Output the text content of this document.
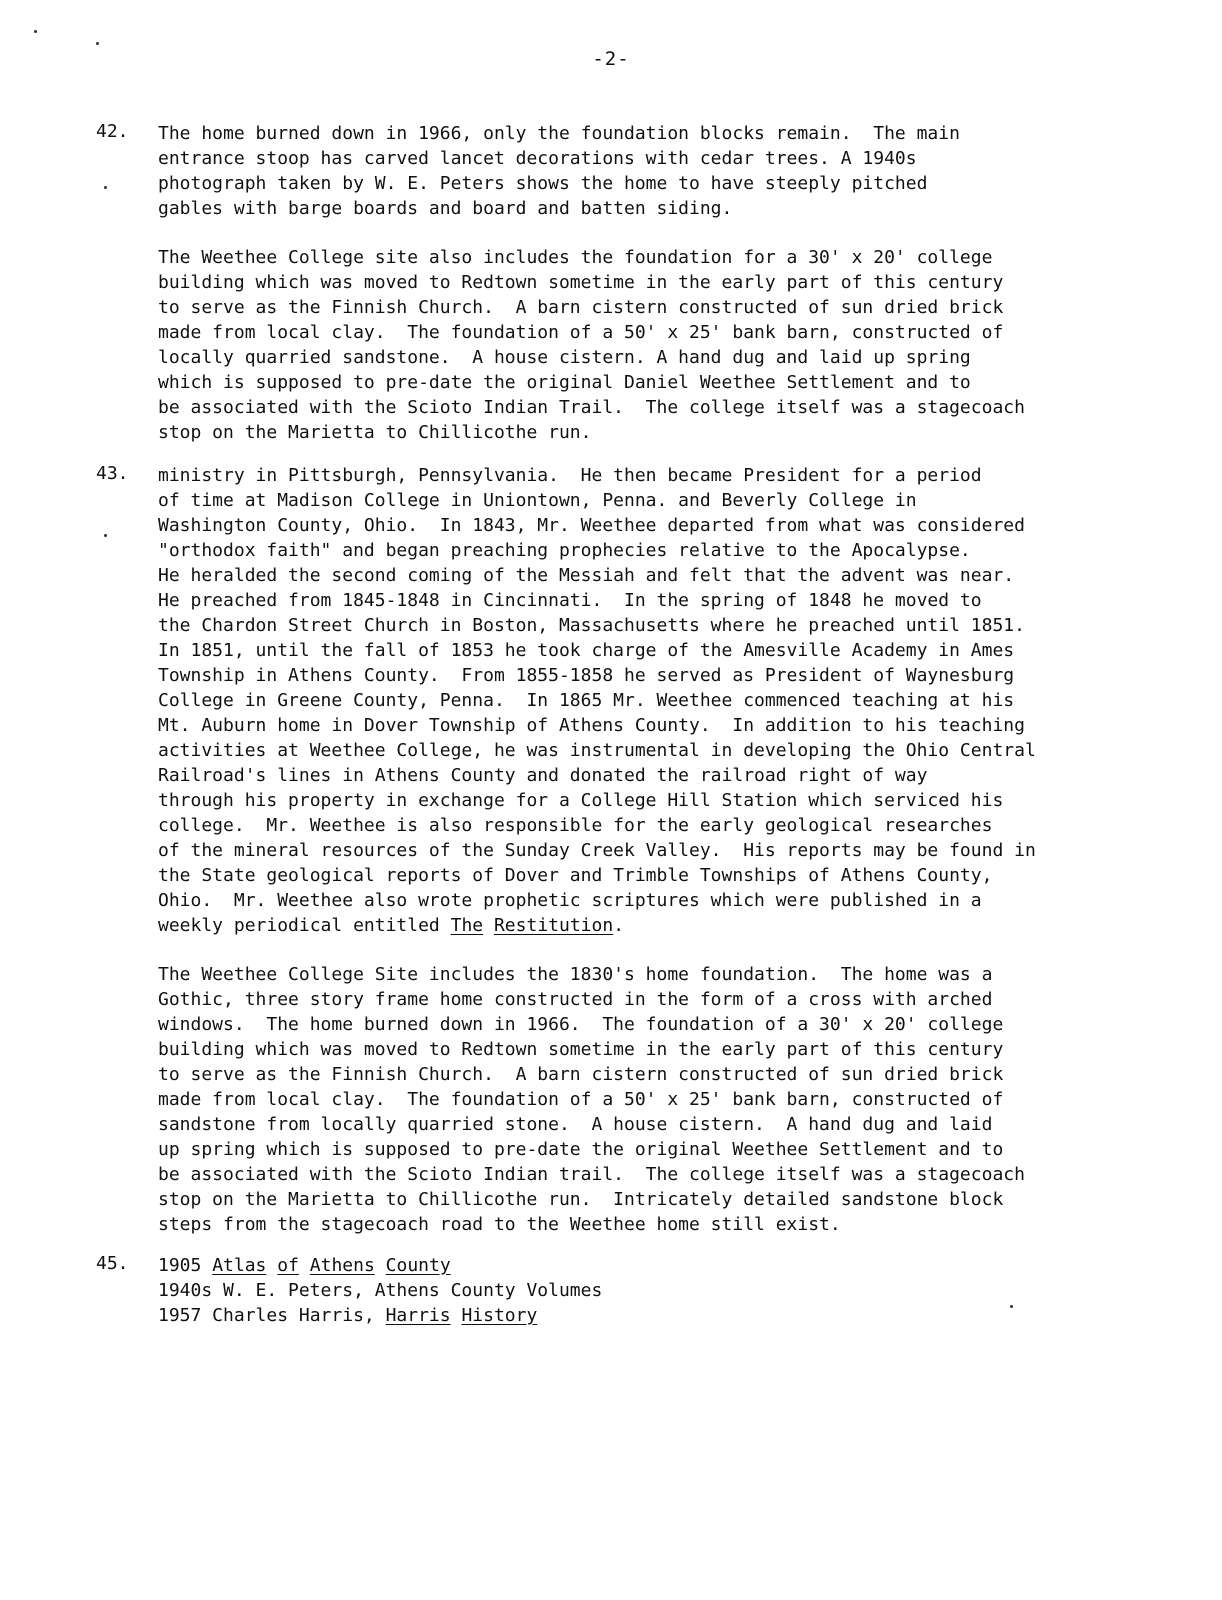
-2-
42. The home burned down in 1966, only the foundation blocks remain.  The main
entrance stoop has carved lancet decorations with cedar trees. A 1940s
photograph taken by W. E. Peters shows the home to have steeply pitched
gables with barge boards and board and batten siding.
The Weethee College site also includes the foundation for a 30' x 20' college
building which was moved to Redtown sometime in the early part of this century
to serve as the Finnish Church.  A barn cistern constructed of sun dried brick
made from local clay.  The foundation of a 50' x 25' bank barn, constructed of
locally quarried sandstone.  A house cistern. A hand dug and laid up spring
which is supposed to pre-date the original Daniel Weethee Settlement and to
be associated with the Scioto Indian Trail.  The college itself was a stagecoach
stop on the Marietta to Chillicothe run.
43. ministry in Pittsburgh, Pennsylvania.  He then became President for a period
of time at Madison College in Uniontown, Penna. and Beverly College in
Washington County, Ohio.  In 1843, Mr. Weethee departed from what was considered
"orthodox faith" and began preaching prophecies relative to the Apocalypse.
He heralded the second coming of the Messiah and felt that the advent was near.
He preached from 1845-1848 in Cincinnati.  In the spring of 1848 he moved to
the Chardon Street Church in Boston, Massachusetts where he preached until 1851.
In 1851, until the fall of 1853 he took charge of the Amesville Academy in Ames
Township in Athens County.  From 1855-1858 he served as President of Waynesburg
College in Greene County, Penna.  In 1865 Mr. Weethee commenced teaching at his
Mt. Auburn home in Dover Township of Athens County.  In addition to his teaching
activities at Weethee College, he was instrumental in developing the Ohio Central
Railroad's lines in Athens County and donated the railroad right of way
through his property in exchange for a College Hill Station which serviced his
college.  Mr. Weethee is also responsible for the early geological researches
of the mineral resources of the Sunday Creek Valley.  His reports may be found in
the State geological reports of Dover and Trimble Townships of Athens County,
Ohio.  Mr. Weethee also wrote prophetic scriptures which were published in a
weekly periodical entitled The Restitution.
The Weethee College Site includes the 1830's home foundation.  The home was a
Gothic, three story frame home constructed in the form of a cross with arched
windows.  The home burned down in 1966.  The foundation of a 30' x 20' college
building which was moved to Redtown sometime in the early part of this century
to serve as the Finnish Church.  A barn cistern constructed of sun dried brick
made from local clay.  The foundation of a 50' x 25' bank barn, constructed of
sandstone from locally quarried stone.  A house cistern.  A hand dug and laid
up spring which is supposed to pre-date the original Weethee Settlement and to
be associated with the Scioto Indian trail.  The college itself was a stagecoach
stop on the Marietta to Chillicothe run.  Intricately detailed sandstone block
steps from the stagecoach road to the Weethee home still exist.
45. 1905 Atlas of Athens County
1940s W. E. Peters, Athens County Volumes
1957 Charles Harris, Harris History
